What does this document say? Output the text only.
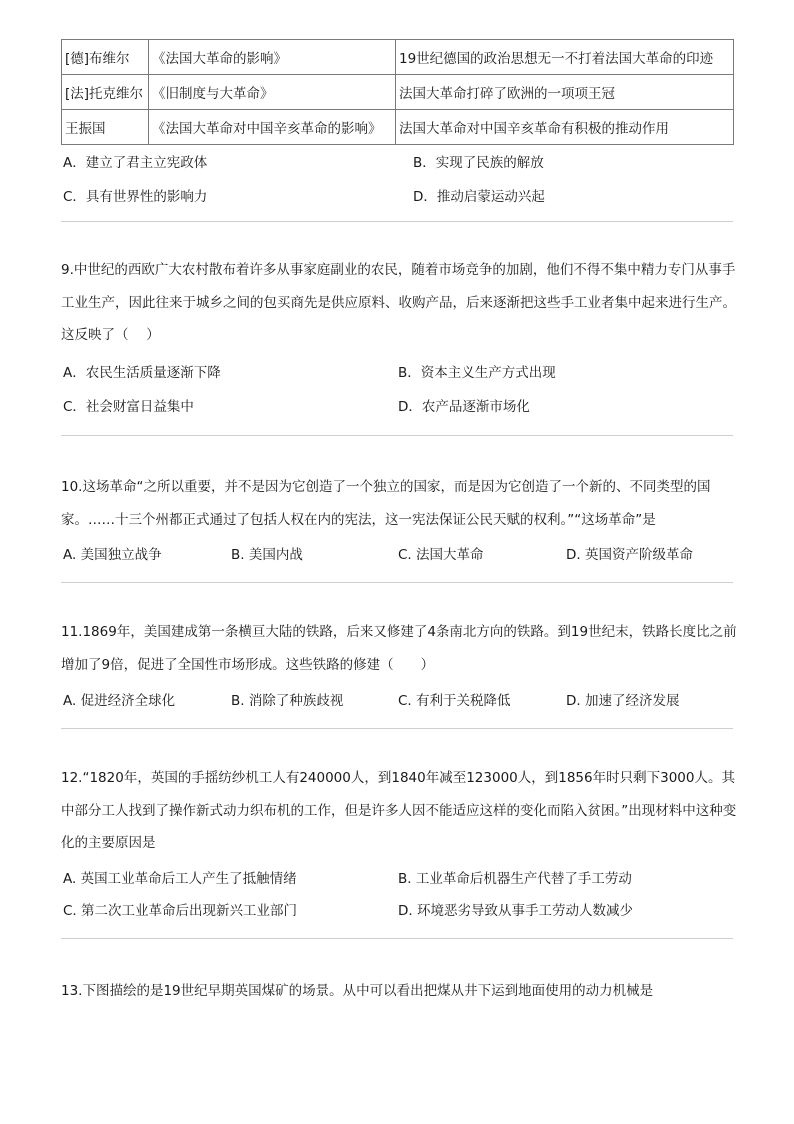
[德]布维尔	《法国大革命的影响》	19世纪德国的政治思想无一不打着法国大革命的印迹
[法]托克维尔	《旧制度与大革命》	法国大革命打碎了欧洲的一项项王冠
王振国	《法国大革命对中国辛亥革命的影响》	法国大革命对中国辛亥革命有积极的推动作用
A．建立了君主立宪政体	B．实现了民族的解放
C．具有世界性的影响力	D．推动启蒙运动兴起
9.中世纪的西欧广大农村散布着许多从事家庭副业的农民，随着市场竞争的加剧，他们不得不集中精力专门从事手工业生产，因此往来于城乡之间的包买商先是供应原料、收购产品，后来逐渐把这些手工业者集中起来进行生产。这反映了（　 ）
A．农民生活质量逐渐下降	B．资本主义生产方式出现
C．社会财富日益集中	D．农产品逐渐市场化
10.这场革命“之所以重要，并不是因为它创造了一个独立的国家，而是因为它创造了一个新的、不同类型的国家。……十三个州都正式通过了包括人权在内的宪法，这一宪法保证公民天赋的权利。”“这场革命”是
A. 美国独立战争	B. 美国内战	C. 法国大革命	D. 英国资产阶级革命
11.1869年，美国建成第一条横亘大陆的铁路，后来又修建了4条南北方向的铁路。到19世纪末，铁路长度比之前增加了9倍，促进了全国性市场形成。这些铁路的修建（　　）
A. 促进经济全球化	B. 消除了种族歧视	C. 有利于关税降低	D. 加速了经济发展
12.“1820年，英国的手摇纺纱机工人有240000人，到1840年减至123000人，到1856年时只剩下3000人。其中部分工人找到了操作新式动力织布机的工作，但是许多人因不能适应这样的变化而陷入贫困。”出现材料中这种变化的主要原因是
A. 英国工业革命后工人产生了抵触情绪	B. 工业革命后机器生产代替了手工劳动
C. 第二次工业革命后出现新兴工业部门	D. 环境恶劣导致从事手工劳动人数减少
13.下图描绘的是19世纪早期英国煤矿的场景。从中可以看出把煤从井下运到地面使用的动力机械是
